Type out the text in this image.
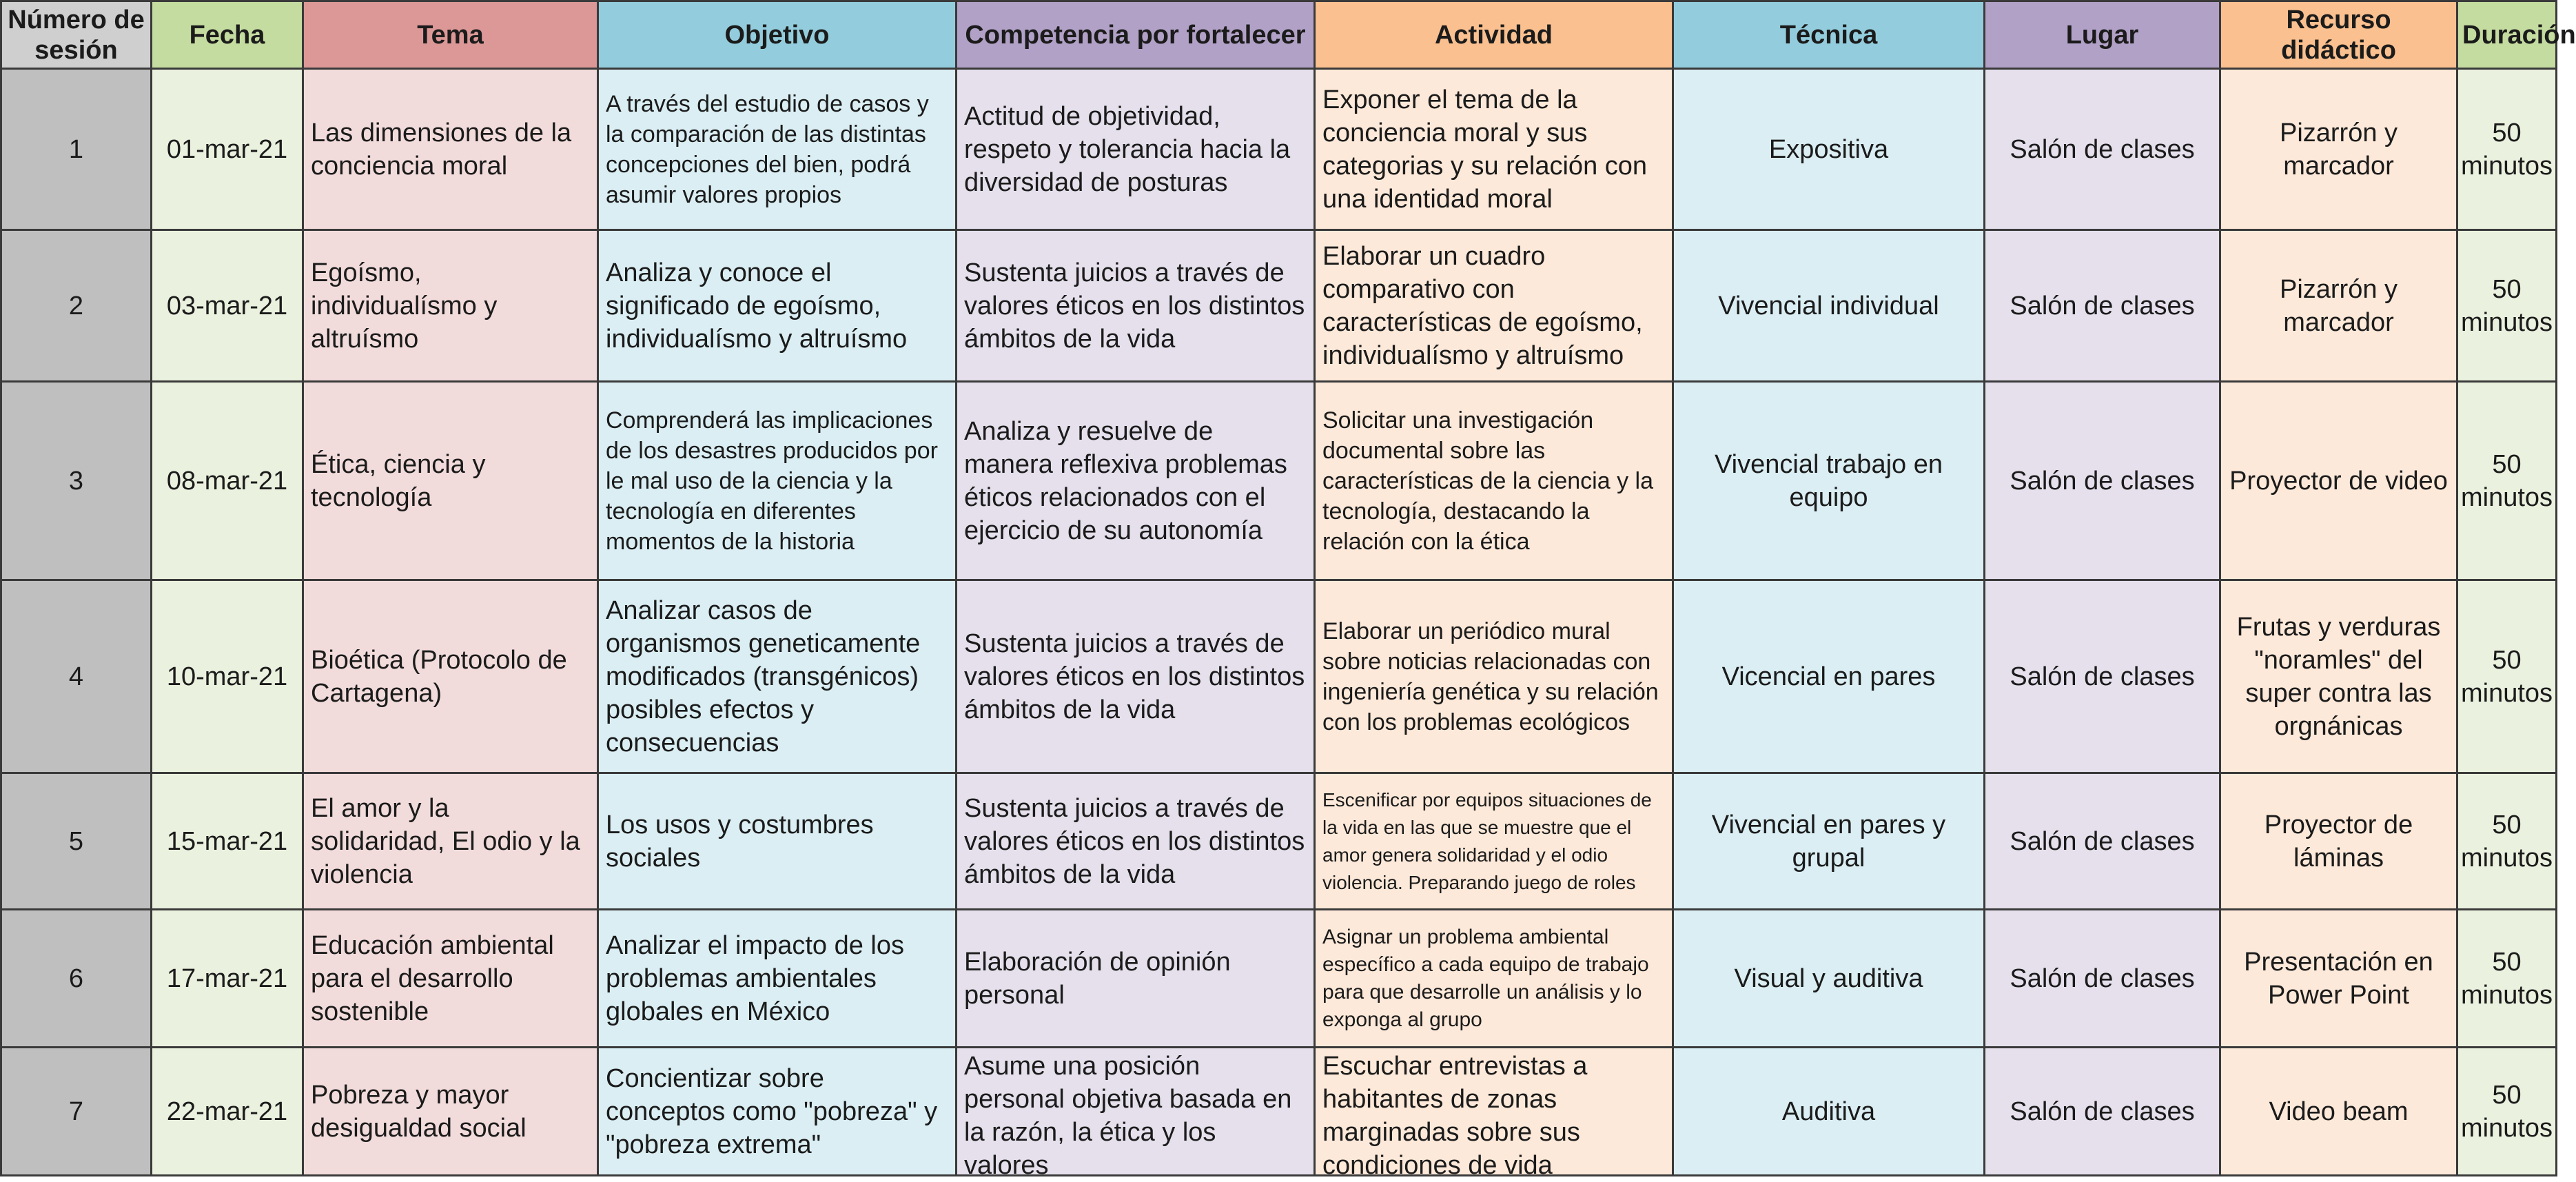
Número de sesión	Fecha	Tema	Objetivo	Competencia por fortalecer	Actividad	Técnica	Lugar	Recurso didáctico	Duración
1	01-mar-21	Las dimensiones de la conciencia moral	A través del estudio de casos y la comparación de las distintas concepciones del bien, podrá asumir valores propios	Actitud de objetividad, respeto y tolerancia hacia la diversidad de posturas	Exponer el tema de la conciencia moral y sus categorias y su relación con una identidad moral	Expositiva	Salón de clases	Pizarrón y marcador	50 minutos
2	03-mar-21	Egoísmo, individualísmo y altruísmo	Analiza y conoce el significado de egoísmo, individualísmo y altruísmo	Sustenta juicios a través de valores éticos en los distintos ámbitos de la vida	Elaborar un cuadro comparativo con características de egoísmo, individualísmo y altruísmo	Vivencial individual	Salón de clases	Pizarrón y marcador	50 minutos
3	08-mar-21	Ética, ciencia y tecnología	Comprenderá las implicaciones de los desastres producidos por le mal uso de la ciencia y la tecnología en diferentes momentos de la historia	Analiza y resuelve de manera reflexiva problemas éticos relacionados con el ejercicio de su autonomía	Solicitar una investigación documental sobre las características de la ciencia y la tecnología, destacando la relación con la ética	Vivencial trabajo en equipo	Salón de clases	Proyector de video	50 minutos
4	10-mar-21	Bioética (Protocolo de Cartagena)	Analizar casos de organismos geneticamente modificados (transgénicos) posibles efectos y consecuencias	Sustenta juicios a través de valores éticos en los distintos ámbitos de la vida	Elaborar un periódico mural sobre noticias relacionadas con ingeniería genética y su relación con los problemas ecológicos	Vicencial en pares	Salón de clases	Frutas y verduras "noramles" del super contra las orgnánicas	50 minutos
5	15-mar-21	El amor y la solidaridad, El odio y la violencia	Los usos y costumbres sociales	Sustenta juicios a través de valores éticos en los distintos ámbitos de la vida	Escenificar por equipos situaciones de la vida en las que se muestre que el amor genera solidaridad y el odio violencia. Preparando juego de roles	Vivencial en pares y grupal	Salón de clases	Proyector de láminas	50 minutos
6	17-mar-21	Educación ambiental para el desarrollo sostenible	Analizar el impacto de los problemas ambientales globales en México	Elaboración de opinión personal	Asignar un problema ambiental específico a cada equipo de trabajo para que desarrolle un análisis y lo exponga al grupo	Visual y auditiva	Salón de clases	Presentación en Power Point	50 minutos
7	22-mar-21	Pobreza y mayor desigualdad social	Concientizar sobre conceptos como "pobreza" y "pobreza extrema"	Asume una posición personal objetiva basada en la razón, la ética y los valores	Escuchar entrevistas a habitantes de zonas marginadas sobre sus condiciones de vida	Auditiva	Salón de clases	Video beam	50 minutos
